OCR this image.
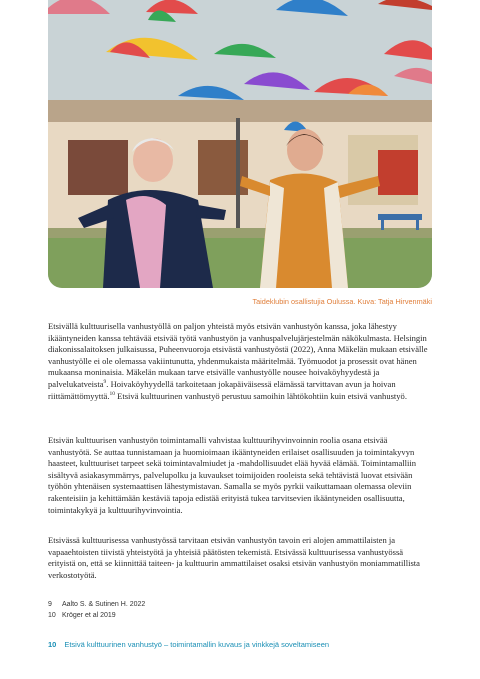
Taideklubin osallistujia Oulussa. Kuva: Tatja Hirvenmäki

Etsivällä kulttuurisella vanhustyöllä on paljon yhteistä myös etsivän vanhustyön kanssa, joka lähestyy ikääntyneiden kanssa tehtävää etsivää työtä vanhustyön ja vanhuspalvelujärjestelmän näkökulmasta. Helsingin diakonissalaitoksen julkaisussa, Puheenvuoroja etsivästä vanhustyöstä (2022), Anna Mäkelän mukaan etsivälle vanhustyölle ei ole olemassa vakiintunutta, yhdenmukaista määritelmää. Työmuodot ja prosessit ovat hänen mukaansa moninaisia. Mäkelän mukaan tarve etsivälle vanhustyölle nousee hoivaköyhyydestä ja palvelukatveista$^9$. Hoivaköyhyydellä tarkoitetaan jokapäiväisessä elämässä tarvittavan avun ja hoivan riittämättömyyttä.$^{10}$ Etsivä kulttuurinen vanhustyö perustuu samoihin lähtökohtiin kuin etsivä vanhustyö.

Etsivän kulttuurisen vanhustyön toimintamalli vahvistaa kulttuurihyvinvoinnin roolia osana etsivää vanhustyötä. Se auttaa tunnistamaan ja huomioimaan ikääntyneiden erilaiset osallisuuden ja toimintakyvyn haasteet, kulttuuriset tarpeet sekä toimintavalmiudet ja -mahdollisuudet elää hyvää elämää. Toimintamalliin sisältyvä asiakasymmärrys, palvelupolku ja kuvaukset toimijoiden rooleista sekä tehtävistä luovat etsivään työhön yhtenäisen systemaattisen lähestymistavan. Samalla se myös pyrkii vaikuttamaan olemassa oleviin rakenteisiin ja kehittämään kestäviä tapoja edistää erityistä tukea tarvitsevien ikääntyneiden osallisuutta, toimintakykyä ja kulttuurihyvinvointia.

Etsivässä kulttuurisessa vanhustyössä tarvitaan etsivän vanhustyön tavoin eri alojen ammattilaisten ja vapaaehtoisten tiivistä yhteistyötä ja yhteisiä päätösten tekemistä. Etsivässä kulttuurisessa vanhustyössä erityistä on, että se kiinnittää taiteen- ja kulttuurin ammattilaiset osaksi etsivän vanhustyön moniammatillista verkostotyötä.

9 Aalto S. & Sutinen H. 2022
10 Kröger et al 2019
10 Etsivä kulttuurinen vanhustyö – toimintamallin kuvaus ja vinkkejä soveltamiseen
